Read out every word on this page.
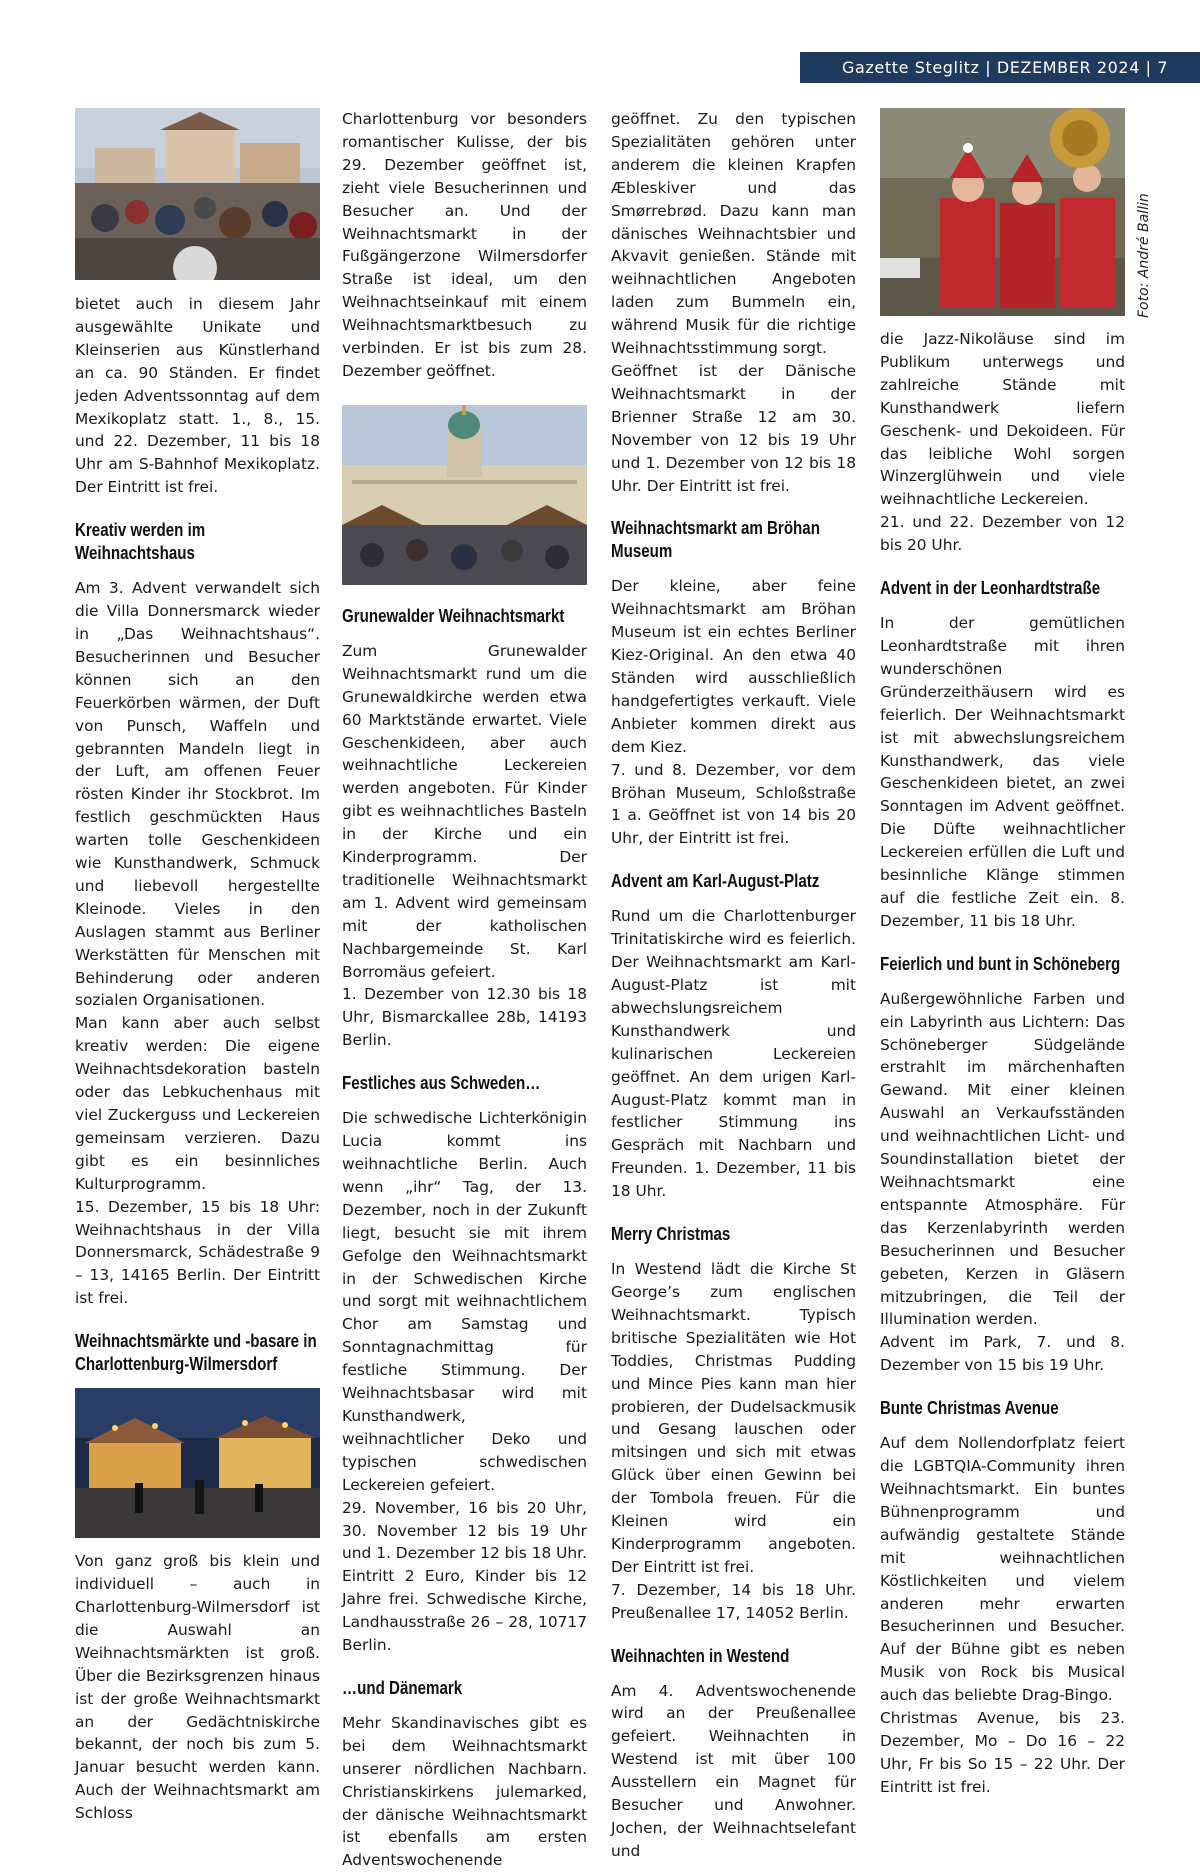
Gazette Steglitz | DEZEMBER 2024 | 7
Foto: André Ballin

bietet auch in diesem Jahr ausgewählte Unikate und Kleinserien aus Künstlerhand an ca. 90 Ständen. Er findet jeden Adventssonntag auf dem Mexikoplatz statt. 1., 8., 15. und 22. Dezember, 11 bis 18 Uhr am S-Bahnhof Mexikoplatz. Der Eintritt ist frei.

Kreativ werden im Weihnachtshaus

Am 3. Advent verwandelt sich die Villa Donnersmarck wieder in „Das Weihnachtshaus“. Besucherinnen und Besucher können sich an den Feuerkörben wärmen, der Duft von Punsch, Waffeln und gebrannten Mandeln liegt in der Luft, am offenen Feuer rösten Kinder ihr Stockbrot. Im festlich geschmückten Haus warten tolle Geschenkideen wie Kunsthandwerk, Schmuck und liebevoll hergestellte Kleinode. Vieles in den Auslagen stammt aus Berliner Werkstätten für Menschen mit Behinderung oder anderen sozialen Organisationen.

Man kann aber auch selbst kreativ werden: Die eigene Weihnachtsdekoration basteln oder das Lebkuchenhaus mit viel Zuckerguss und Leckereien gemeinsam verzieren. Dazu gibt es ein besinnliches Kulturprogramm.

15. Dezember, 15 bis 18 Uhr: Weihnachtshaus in der Villa Donnersmarck, Schädestraße 9 – 13, 14165 Berlin. Der Eintritt ist frei.

Weihnachtsmärkte und -basare in Charlottenburg-Wilmersdorf

Von ganz groß bis klein und individuell – auch in Charlottenburg-Wilmersdorf ist die Auswahl an Weihnachtsmärkten ist groß. Über die Bezirksgrenzen hinaus ist der große Weihnachtsmarkt an der Gedächtniskirche bekannt, der noch bis zum 5. Januar besucht werden kann. Auch der Weihnachtsmarkt am Schloss

Charlottenburg vor besonders romantischer Kulisse, der bis 29. Dezember geöffnet ist, zieht viele Besucherinnen und Besucher an. Und der Weihnachtsmarkt in der Fußgängerzone Wilmersdorfer Straße ist ideal, um den Weihnachtseinkauf mit einem Weihnachtsmarktbesuch zu verbinden. Er ist bis zum 28. Dezember geöffnet.

Grunewalder Weihnachtsmarkt

Zum Grunewalder Weihnachtsmarkt rund um die Grunewaldkirche werden etwa 60 Marktstände erwartet. Viele Geschenkideen, aber auch weihnachtliche Leckereien werden angeboten. Für Kinder gibt es weihnachtliches Basteln in der Kirche und ein Kinderprogramm. Der traditionelle Weihnachtsmarkt am 1. Advent wird gemeinsam mit der katholischen Nachbargemeinde St. Karl Borromäus gefeiert.

1. Dezember von 12.30 bis 18 Uhr, Bismarckallee 28b, 14193 Berlin.

Festliches aus Schweden…

Die schwedische Lichterkönigin Lucia kommt ins weihnachtliche Berlin. Auch wenn „ihr“ Tag, der 13. Dezember, noch in der Zukunft liegt, besucht sie mit ihrem Gefolge den Weihnachtsmarkt in der Schwedischen Kirche und sorgt mit weihnachtlichem Chor am Samstag und Sonntagnachmittag für festliche Stimmung. Der Weihnachtsbasar wird mit Kunsthandwerk, weihnachtlicher Deko und typischen schwedischen Leckereien gefeiert.

29. November, 16 bis 20 Uhr, 30. November 12 bis 19 Uhr und 1. Dezember 12 bis 18 Uhr. Eintritt 2 Euro, Kinder bis 12 Jahre frei. Schwedische Kirche, Landhausstraße 26 – 28, 10717 Berlin.

…und Dänemark

Mehr Skandinavisches gibt es bei dem Weihnachtsmarkt unserer nördlichen Nachbarn. Christianskirkens julemarked, der dänische Weihnachtsmarkt ist ebenfalls am ersten Adventswochenende

geöffnet. Zu den typischen Spezialitäten gehören unter anderem die kleinen Krapfen Æbleskiver und das Smørrebrød. Dazu kann man dänisches Weihnachtsbier und Akvavit genießen. Stände mit weihnachtlichen Angeboten laden zum Bummeln ein, während Musik für die richtige Weihnachtsstimmung sorgt.

Geöffnet ist der Dänische Weihnachtsmarkt in der Brienner Straße 12 am 30. November von 12 bis 19 Uhr und 1. Dezember von 12 bis 18 Uhr. Der Eintritt ist frei.

Weihnachtsmarkt am Bröhan Museum

Der kleine, aber feine Weihnachtsmarkt am Bröhan Museum ist ein echtes Berliner Kiez-Original. An den etwa 40 Ständen wird ausschließlich handgefertigtes verkauft. Viele Anbieter kommen direkt aus dem Kiez.

7. und 8. Dezember, vor dem Bröhan Museum, Schloßstraße 1 a. Geöffnet ist von 14 bis 20 Uhr, der Eintritt ist frei.

Advent am Karl-August-Platz

Rund um die Charlottenburger Trinitatiskirche wird es feierlich. Der Weihnachtsmarkt am Karl-August-Platz ist mit abwechslungsreichem Kunsthandwerk und kulinarischen Leckereien geöffnet. An dem urigen Karl-August-Platz kommt man in festlicher Stimmung ins Gespräch mit Nachbarn und Freunden. 1. Dezember, 11 bis 18 Uhr.

Merry Christmas

In Westend lädt die Kirche St George’s zum englischen Weihnachtsmarkt. Typisch britische Spezialitäten wie Hot Toddies, Christmas Pudding und Mince Pies kann man hier probieren, der Dudelsackmusik und Gesang lauschen oder mitsingen und sich mit etwas Glück über einen Gewinn bei der Tombola freuen. Für die Kleinen wird ein Kinderprogramm angeboten. Der Eintritt ist frei.

7. Dezember, 14 bis 18 Uhr. Preußenallee 17, 14052 Berlin.

Weihnachten in Westend

Am 4. Adventswochenende wird an der Preußenallee gefeiert. Weihnachten in Westend ist mit über 100 Ausstellern ein Magnet für Besucher und Anwohner. Jochen, der Weihnachtselefant und

die Jazz-Nikoläuse sind im Publikum unterwegs und zahlreiche Stände mit Kunsthandwerk liefern Geschenk- und Dekoideen. Für das leibliche Wohl sorgen Winzerglühwein und viele weihnachtliche Leckereien.

21. und 22. Dezember von 12 bis 20 Uhr.

Advent in der Leonhardtstraße

In der gemütlichen Leonhardtstraße mit ihren wunderschönen Gründerzeithäusern wird es feierlich. Der Weihnachtsmarkt ist mit abwechslungsreichem Kunsthandwerk, das viele Geschenkideen bietet, an zwei Sonntagen im Advent geöffnet. Die Düfte weihnachtlicher Leckereien erfüllen die Luft und besinnliche Klänge stimmen auf die festliche Zeit ein. 8. Dezember, 11 bis 18 Uhr.

Feierlich und bunt in Schöneberg

Außergewöhnliche Farben und ein Labyrinth aus Lichtern: Das Schöneberger Südgelände erstrahlt im märchenhaften Gewand. Mit einer kleinen Auswahl an Verkaufsständen und weihnachtlichen Licht- und Soundinstallation bietet der Weihnachtsmarkt eine entspannte Atmosphäre. Für das Kerzenlabyrinth werden Besucherinnen und Besucher gebeten, Kerzen in Gläsern mitzubringen, die Teil der Illumination werden.

Advent im Park, 7. und 8. Dezember von 15 bis 19 Uhr.

Bunte Christmas Avenue

Auf dem Nollendorfplatz feiert die LGBTQIA-Community ihren Weihnachtsmarkt. Ein buntes Bühnenprogramm und aufwändig gestaltete Stände mit weihnachtlichen Köstlichkeiten und vielem anderen mehr erwarten Besucherinnen und Besucher. Auf der Bühne gibt es neben Musik von Rock bis Musical auch das beliebte Drag-Bingo.

Christmas Avenue, bis 23. Dezember, Mo – Do 16 – 22 Uhr, Fr bis So 15 – 22 Uhr. Der Eintritt ist frei.
